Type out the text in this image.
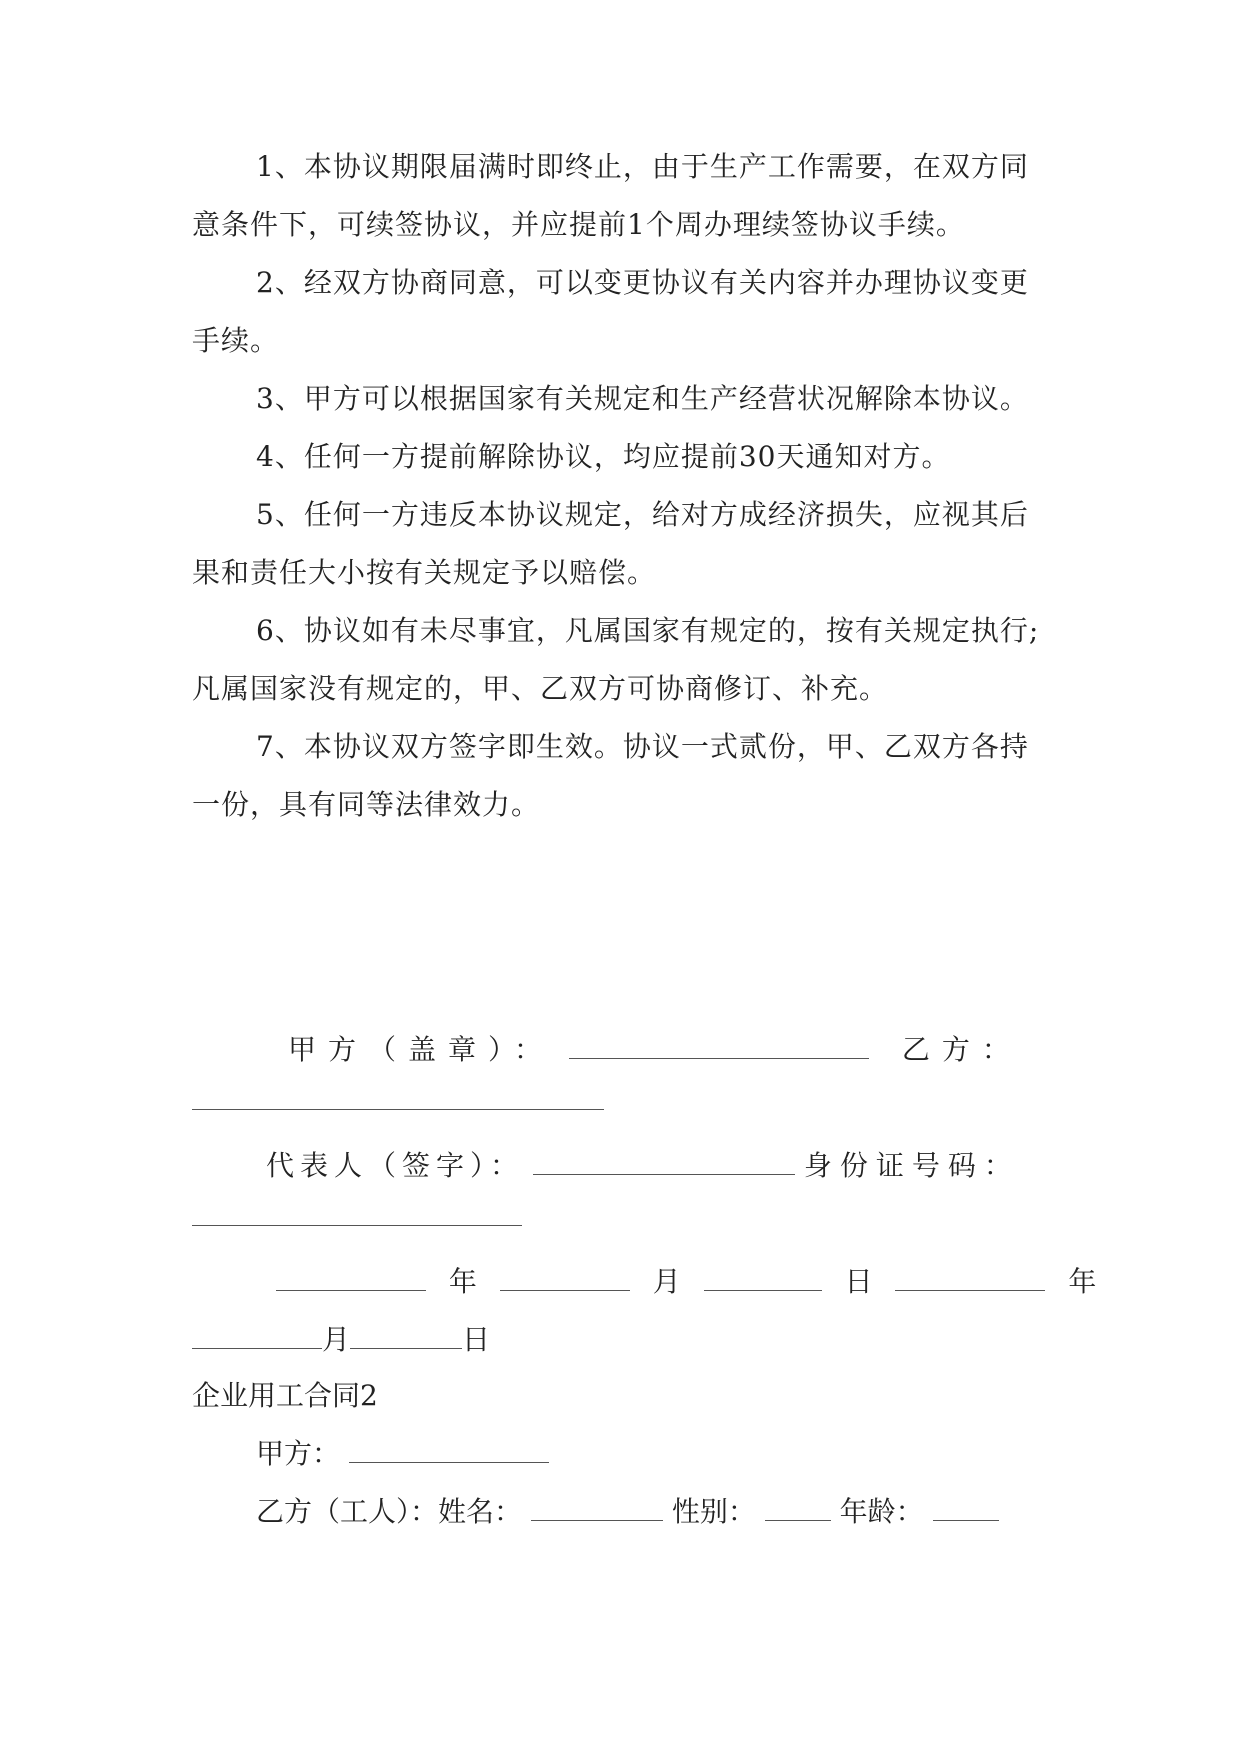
1、本协议期限届满时即终止，由于生产工作需要，在双方同意条件下，可续签协议，并应提前1个周办理续签协议手续。

2、经双方协商同意，可以变更协议有关内容并办理协议变更手续。

3、甲方可以根据国家有关规定和生产经营状况解除本协议。

4、任何一方提前解除协议，均应提前30天通知对方。

5、任何一方违反本协议规定，给对方成经济损失，应视其后果和责任大小按有关规定予以赔偿。

6、协议如有未尽事宜，凡属国家有规定的，按有关规定执行;凡属国家没有规定的，甲、乙双方可协商修订、补充。

7、本协议双方签字即生效。协议一式贰份，甲、乙双方各持一份，具有同等法律效力。

甲方（盖章）：	乙方：
代表人（签字）：	身份证号码：
年	月	日	年
月	日
企业用工合同2
甲方：
乙方（工人）：姓名：	性别：	年龄：
